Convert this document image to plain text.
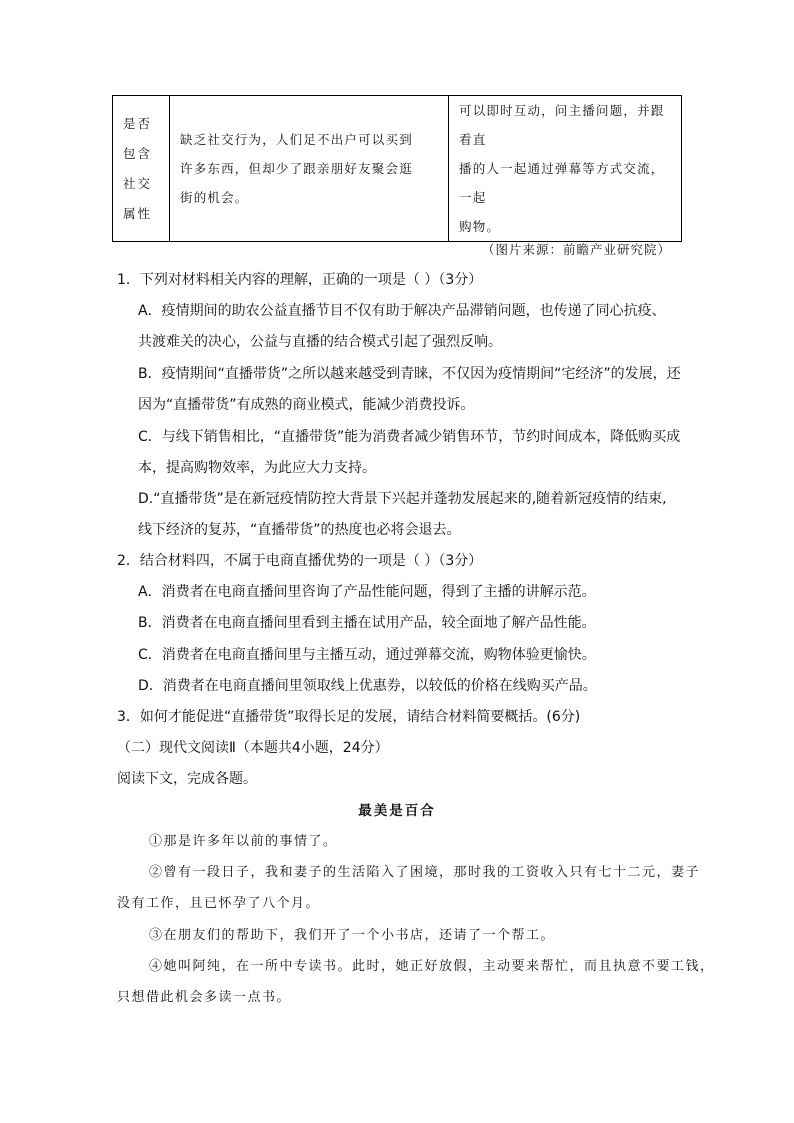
是否
包含
社交
属性

缺乏社交行为，人们足不出户可以买到
许多东西，但却少了跟亲朋好友聚会逛
街的机会。

可以即时互动，问主播问题，并跟看直
播的人一起通过弹幕等方式交流，一起
购物。
（图片来源：前瞻产业研究院）
1．下列对材料相关内容的理解，正确的一项是（ ）（3分）
A．疫情期间的助农公益直播节目不仅有助于解决产品滞销问题，也传递了同心抗疫、
共渡难关的决心，公益与直播的结合模式引起了强烈反响。
B．疫情期间“直播带货”之所以越来越受到青睐，不仅因为疫情期间“宅经济”的发展，还
因为“直播带货”有成熟的商业模式，能减少消费投诉。
C．与线下销售相比，“直播带货”能为消费者减少销售环节，节约时间成本，降低购买成
本，提高购物效率，为此应大力支持。
D.“直播带货”是在新冠疫情防控大背景下兴起并蓬勃发展起来的,随着新冠疫情的结束,
线下经济的复苏，“直播带货”的热度也必将会退去。
2．结合材料四，不属于电商直播优势的一项是（ ）（3分）
A．消费者在电商直播间里咨询了产品性能问题，得到了主播的讲解示范。
B．消费者在电商直播间里看到主播在试用产品，较全面地了解产品性能。
C．消费者在电商直播间里与主播互动，通过弹幕交流，购物体验更愉快。
D．消费者在电商直播间里领取线上优惠券，以较低的价格在线购买产品。
3．如何才能促进“直播带货”取得长足的发展，请结合材料简要概括。(6分)
（二）现代文阅读Ⅱ（本题共4小题，24分）
阅读下文，完成各题。
最美是百合
①那是许多年以前的事情了。
②曾有一段日子，我和妻子的生活陷入了困境，那时我的工资收入只有七十二元，妻子
没有工作，且已怀孕了八个月。
③在朋友们的帮助下，我们开了一个小书店，还请了一个帮工。
④她叫阿纯，在一所中专读书。此时，她正好放假，主动要来帮忙，而且执意不要工钱，
只想借此机会多读一点书。
